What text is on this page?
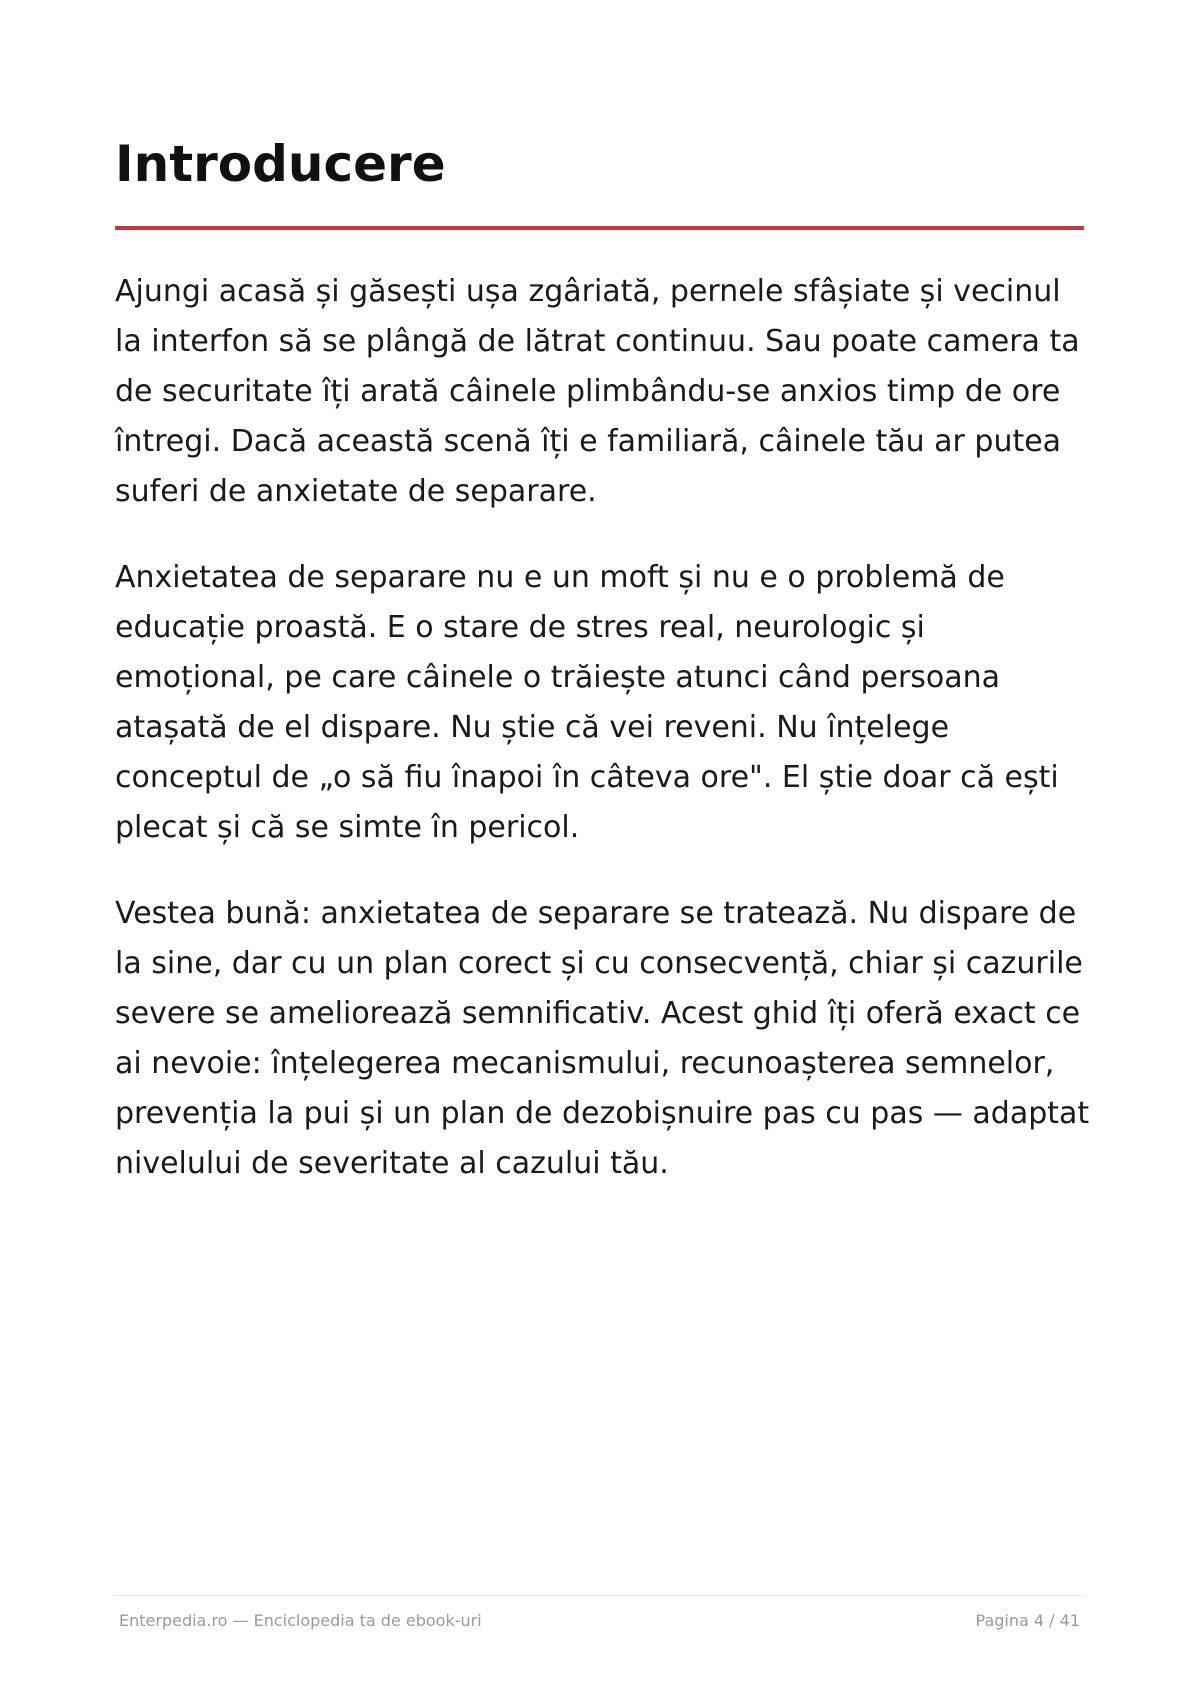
Introducere

Ajungi acasă și găsești ușa zgâriată, pernele sfâșiate și vecinul la interfon să se plângă de lătrat continuu. Sau poate camera ta de securitate îți arată câinele plimbându-se anxios timp de ore întregi. Dacă această scenă îți e familiară, câinele tău ar putea suferi de anxietate de separare.

Anxietatea de separare nu e un moft și nu e o problemă de educație proastă. E o stare de stres real, neurologic și emoțional, pe care câinele o trăiește atunci când persoana atașată de el dispare. Nu știe că vei reveni. Nu înțelege conceptul de „o să fiu înapoi în câteva ore". El știe doar că ești plecat și că se simte în pericol.

Vestea bună: anxietatea de separare se tratează. Nu dispare de la sine, dar cu un plan corect și cu consecvență, chiar și cazurile severe se ameliorează semnificativ. Acest ghid îți oferă exact ce ai nevoie: înțelegerea mecanismului, recunoașterea semnelor, prevenția la pui și un plan de dezobișnuire pas cu pas — adaptat nivelului de severitate al cazului tău.

Enterpedia.ro — Enciclopedia ta de ebook-uri	Pagina 4 / 41
